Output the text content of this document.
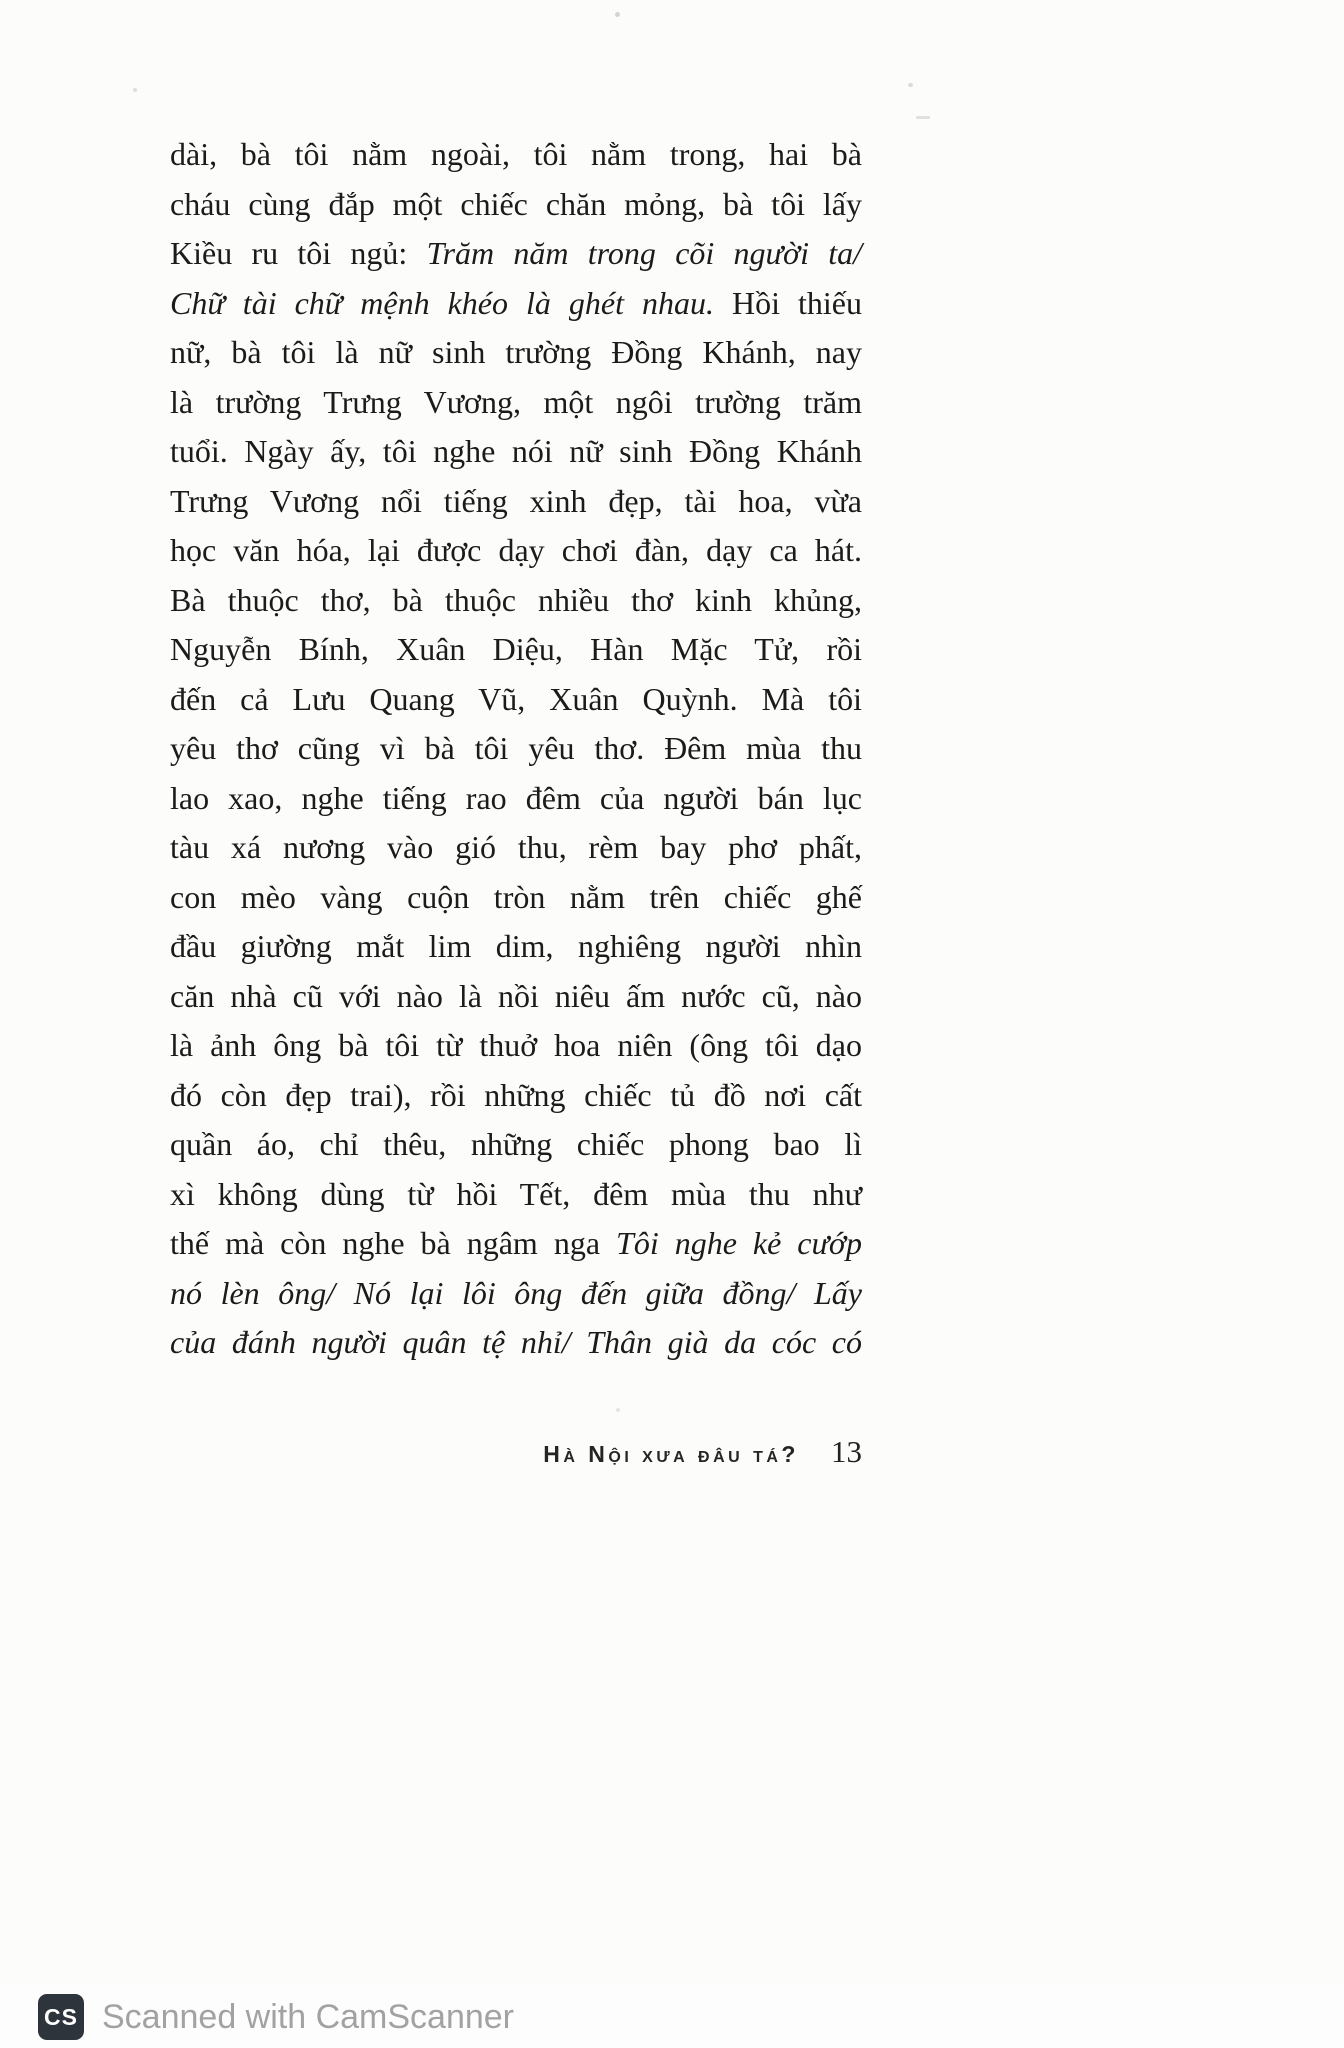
dài, bà tôi nằm ngoài, tôi nằm trong, hai bà
cháu cùng đắp một chiếc chăn mỏng, bà tôi lấy
Kiều ru tôi ngủ: Trăm năm trong cõi người ta/
Chữ tài chữ mệnh khéo là ghét nhau. Hồi thiếu
nữ, bà tôi là nữ sinh trường Đồng Khánh, nay
là trường Trưng Vương, một ngôi trường trăm
tuổi. Ngày ấy, tôi nghe nói nữ sinh Đồng Khánh
Trưng Vương nổi tiếng xinh đẹp, tài hoa, vừa
học văn hóa, lại được dạy chơi đàn, dạy ca hát.
Bà thuộc thơ, bà thuộc nhiều thơ kinh khủng,
Nguyễn Bính, Xuân Diệu, Hàn Mặc Tử, rồi
đến cả Lưu Quang Vũ, Xuân Quỳnh. Mà tôi
yêu thơ cũng vì bà tôi yêu thơ. Đêm mùa thu
lao xao, nghe tiếng rao đêm của người bán lục
tàu xá nương vào gió thu, rèm bay phơ phất,
con mèo vàng cuộn tròn nằm trên chiếc ghế
đầu giường mắt lim dim, nghiêng người nhìn
căn nhà cũ với nào là nồi niêu ấm nước cũ, nào
là ảnh ông bà tôi từ thuở hoa niên (ông tôi dạo
đó còn đẹp trai), rồi những chiếc tủ đồ nơi cất
quần áo, chỉ thêu, những chiếc phong bao lì
xì không dùng từ hồi Tết, đêm mùa thu như
thế mà còn nghe bà ngâm nga Tôi nghe kẻ cướp
nó lèn ông/ Nó lại lôi ông đến giữa đồng/ Lấy
của đánh người quân tệ nhỉ/ Thân già da cóc có
Hà Nội xưa đâu tá? 13
CS Scanned with CamScanner
